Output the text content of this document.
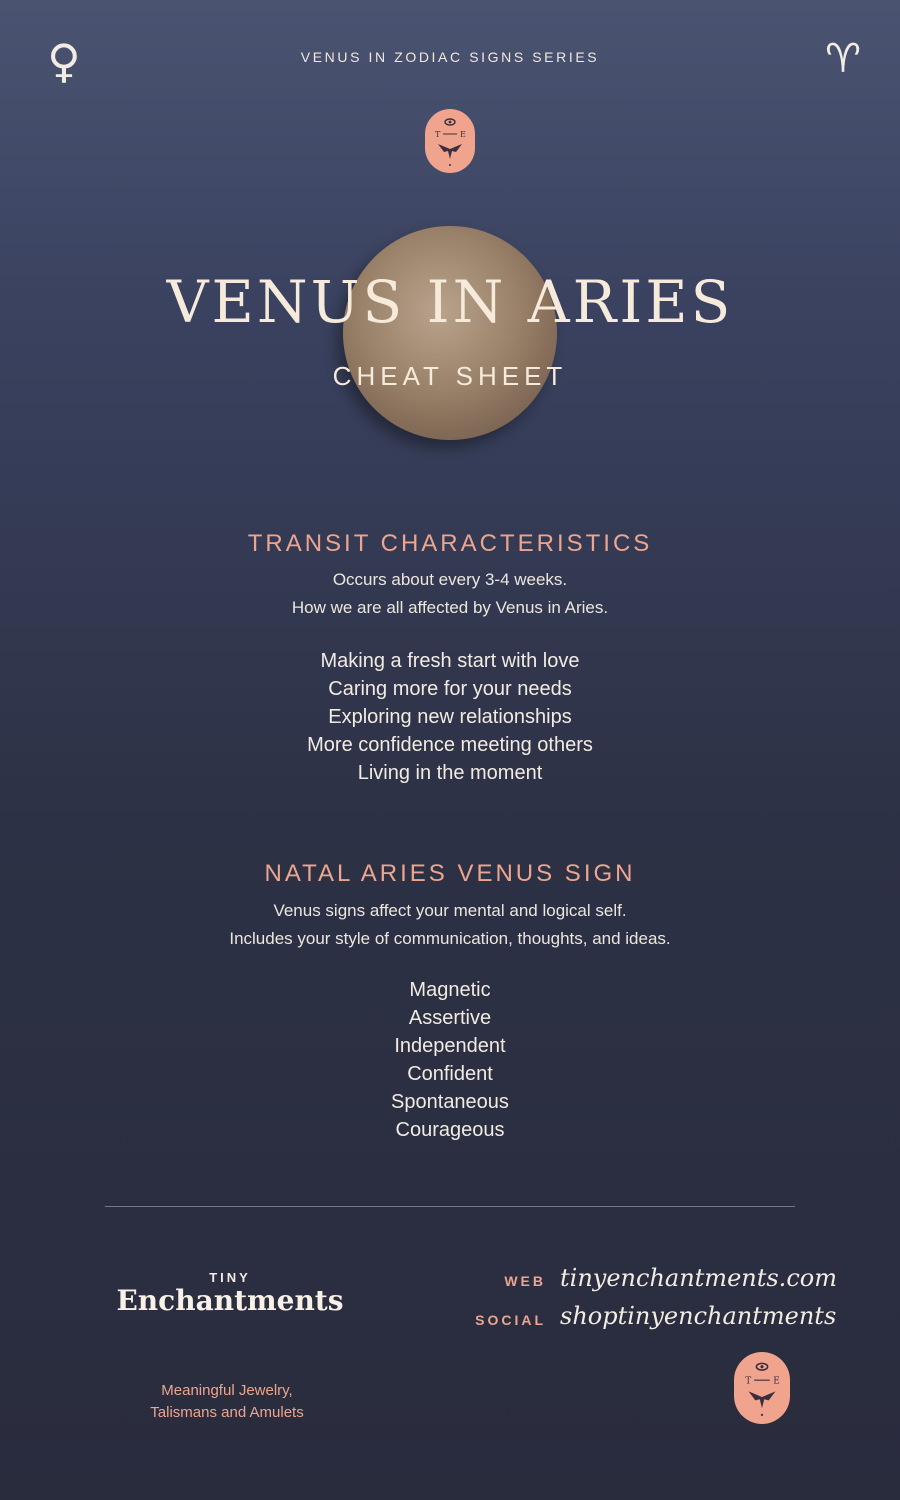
♀	VENUS IN ZODIAC SIGNS SERIES	♈
T E
VENUS IN ARIES
CHEAT SHEET
TRANSIT CHARACTERISTICS
Occurs about every 3-4 weeks.
How we are all affected by Venus in Aries.
Making a fresh start with love
Caring more for your needs
Exploring new relationships
More confidence meeting others
Living in the moment
NATAL ARIES VENUS SIGN
Venus signs affect your mental and logical self.
Includes your style of communication, thoughts, and ideas.
Magnetic
Assertive
Independent
Confident
Spontaneous
Courageous
TINY
Enchantments
Meaningful Jewelry,
Talismans and Amulets
WEB tinyenchantments.com
SOCIAL shoptinyenchantments
T	E
